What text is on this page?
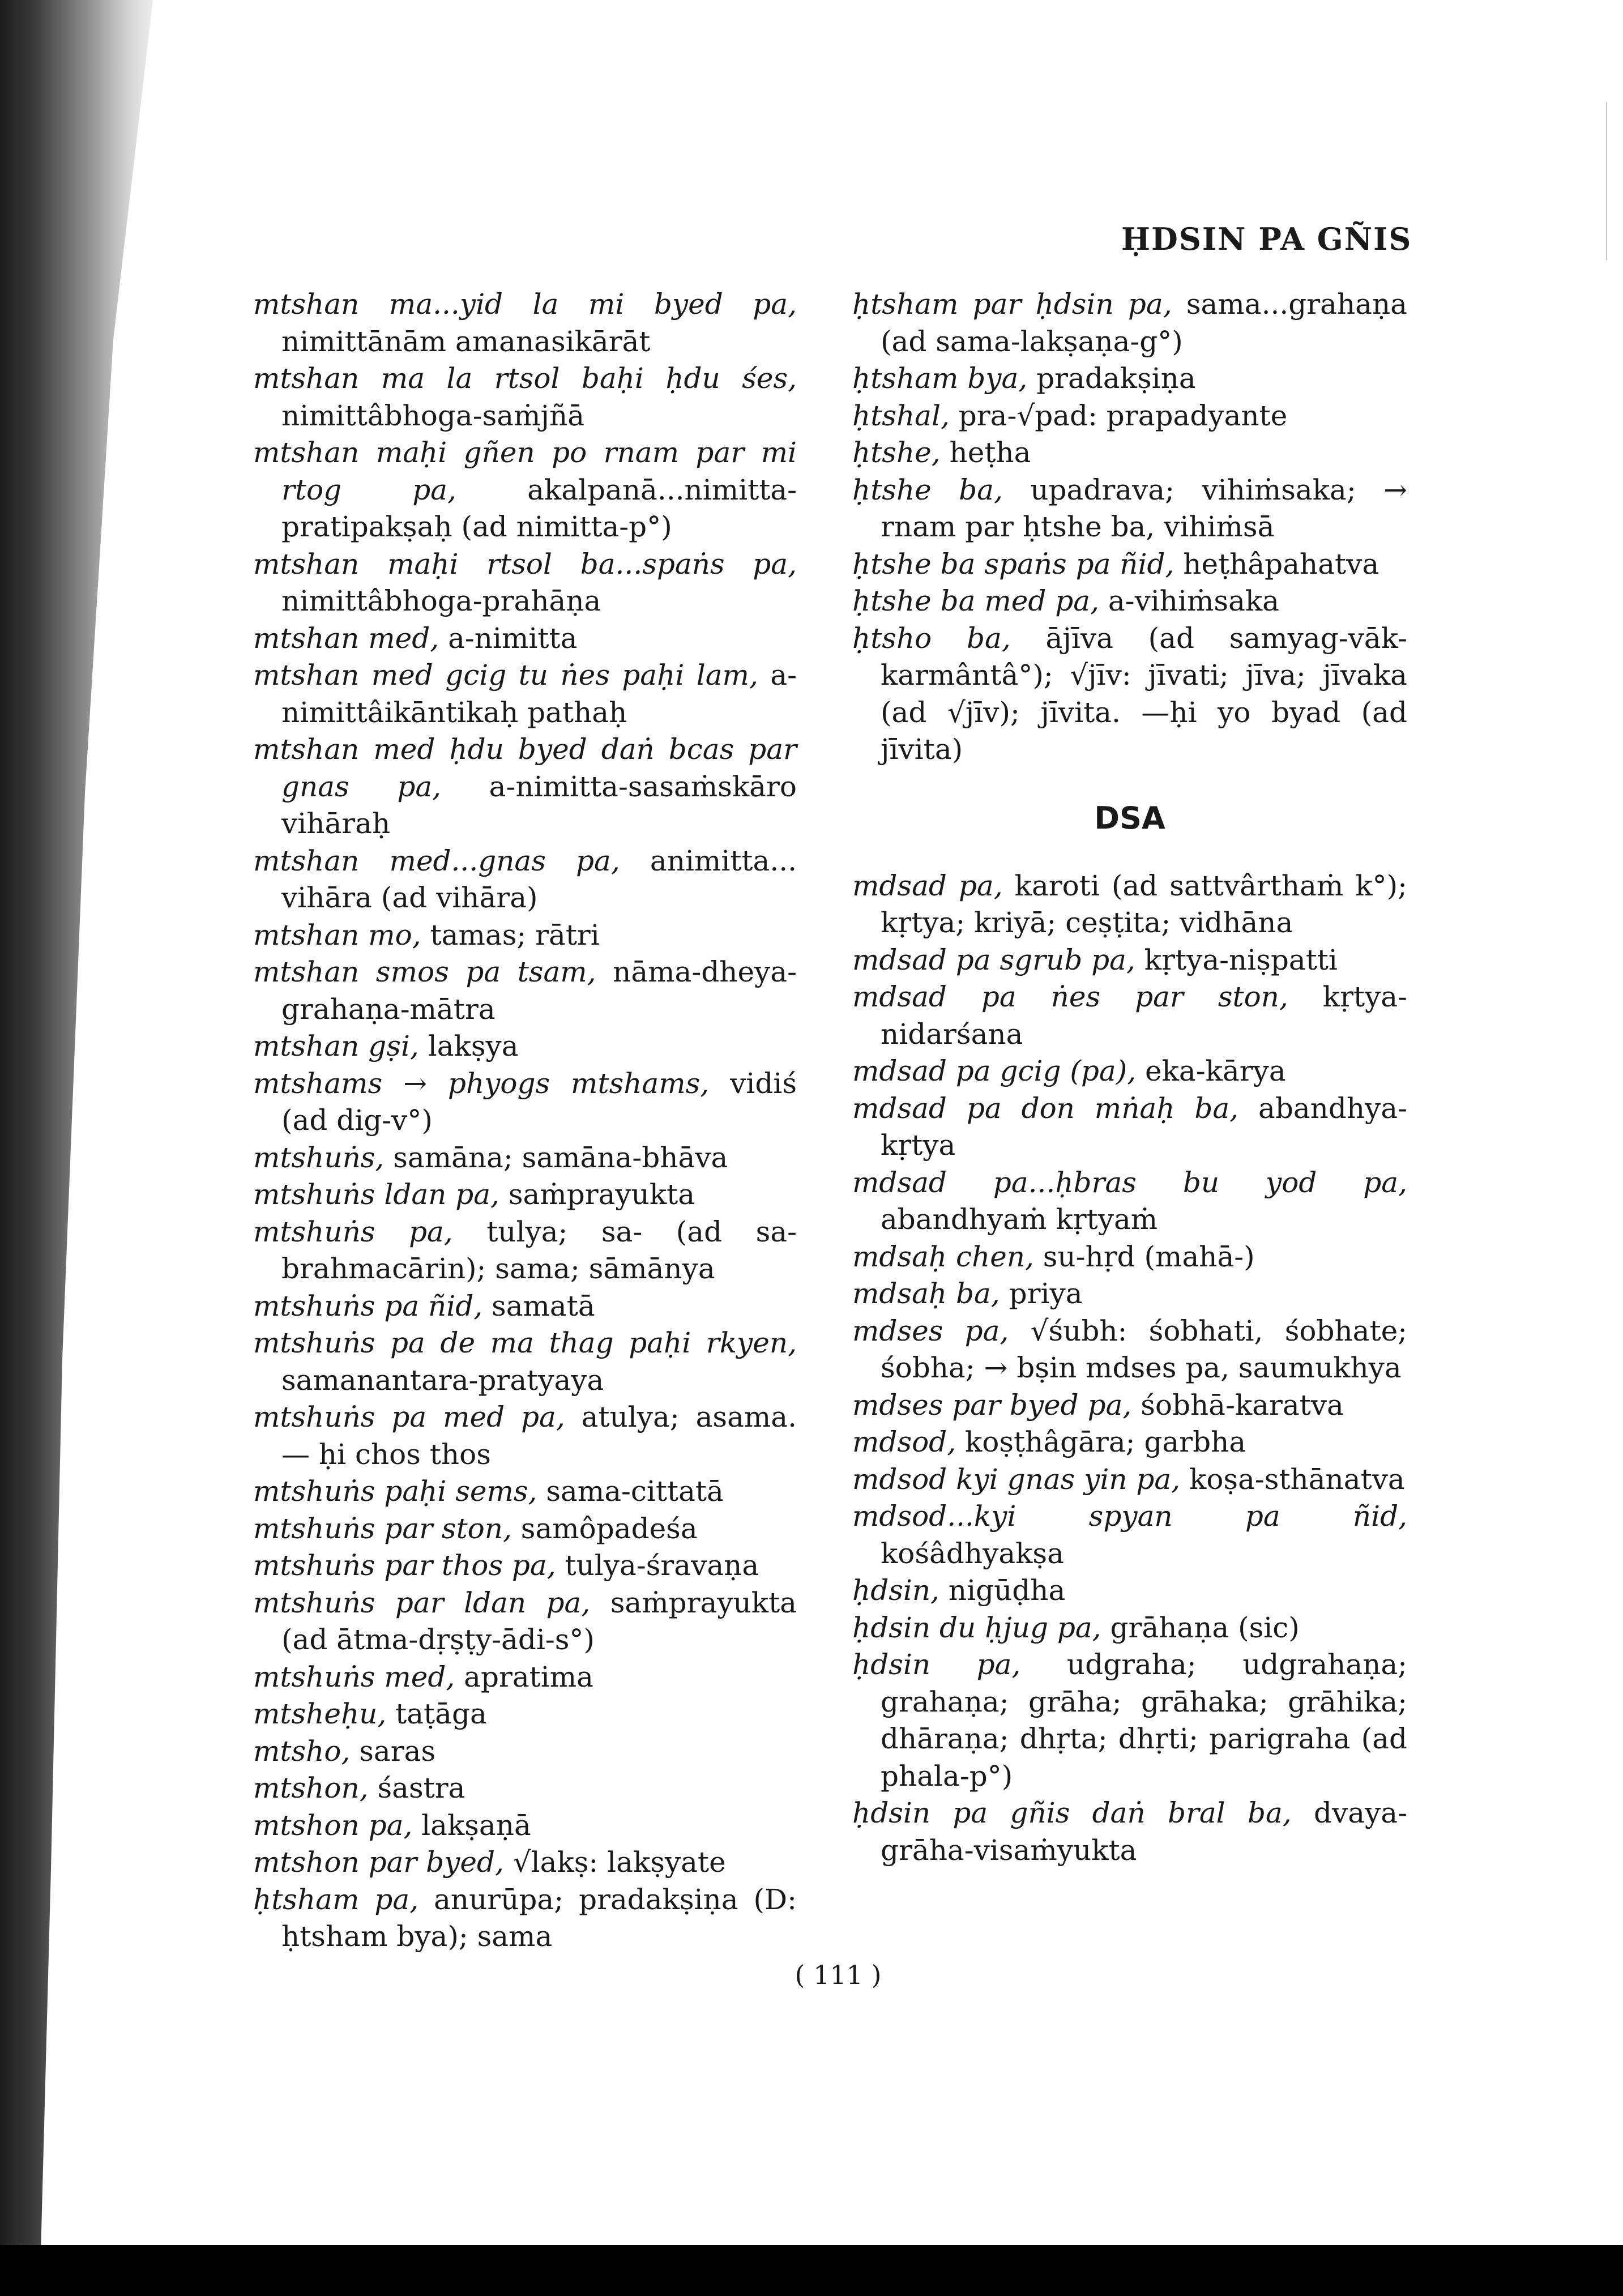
ḤDSIN PA GÑIS
mtshan ma...yid la mi byed pa, nimittānām amanasikārāt
mtshan ma la rtsol baḥi ḥdu śes, nimittâbhoga-saṁjñā
mtshan maḥi gñen po rnam par mi rtog pa, akalpanā...nimitta-pratipakṣaḥ (ad nimitta-p°)
mtshan maḥi rtsol ba...spaṅs pa, nimittâbhoga-prahāṇa
mtshan med, a-nimitta
mtshan med gcig tu ṅes paḥi lam, a-nimittâikāntikaḥ pathaḥ
mtshan med ḥdu byed daṅ bcas par gnas pa, a-nimitta-sasaṁskāro vihāraḥ
mtshan med...gnas pa, animitta... vihāra (ad vihāra)
mtshan mo, tamas; rātri
mtshan smos pa tsam, nāma-dheya-grahaṇa-mātra
mtshan gṣi, lakṣya
mtshams → phyogs mtshams, vidiś (ad dig-v°)
mtshuṅs, samāna; samāna-bhāva
mtshuṅs ldan pa, saṁprayukta
mtshuṅs pa, tulya; sa- (ad sa-brahmacārin); sama; sāmānya
mtshuṅs pa ñid, samatā
mtshuṅs pa de ma thag paḥi rkyen, samanantara-pratyaya
mtshuṅs pa med pa, atulya; asama. — ḥi chos thos
mtshuṅs paḥi sems, sama-cittatā
mtshuṅs par ston, samôpadeśa
mtshuṅs par thos pa, tulya-śravaṇa
mtshuṅs par ldan pa, saṁprayukta (ad ātma-dṛṣṭy-ādi-s°)
mtshuṅs med, apratima
mtsheḥu, taṭāga
mtsho, saras
mtshon, śastra
mtshon pa, lakṣaṇā
mtshon par byed, √lakṣ: lakṣyate
ḥtsham pa, anurūpa; pradakṣiṇa (D: ḥtsham bya); sama
ḥtsham par ḥdsin pa, sama...grahaṇa (ad sama-lakṣaṇa-g°)
ḥtsham bya, pradakṣiṇa
ḥtshal, pra-√pad: prapadyante
ḥtshe, heṭha
ḥtshe ba, upadrava; vihiṁsaka; → rnam par ḥtshe ba, vihiṁsā
ḥtshe ba spaṅs pa ñid, heṭhâpahatva
ḥtshe ba med pa, a-vihiṁsaka
ḥtsho ba, ājīva (ad samyag-vāk-karmântâ°); √jīv: jīvati; jīva; jīvaka (ad √jīv); jīvita. —ḥi yo byad (ad jīvita)
DSA
mdsad pa, karoti (ad sattvârthaṁ k°); kṛtya; kriyā; ceṣṭita; vidhāna
mdsad pa sgrub pa, kṛtya-niṣpatti
mdsad pa ṅes par ston, kṛtya-nidarśana
mdsad pa gcig (pa), eka-kārya
mdsad pa don mṅaḥ ba, abandhya-kṛtya
mdsad pa...ḥbras bu yod pa, abandhyaṁ kṛtyaṁ
mdsaḥ chen, su-hṛd (mahā-)
mdsaḥ ba, priya
mdses pa, √śubh: śobhati, śobhate; śobha; → bṣin mdses pa, saumukhya
mdses par byed pa, śobhā-karatva
mdsod, koṣṭhâgāra; garbha
mdsod kyi gnas yin pa, koṣa-sthānatva
mdsod...kyi spyan pa ñid, kośâdhyakṣa
ḥdsin, nigūḍha
ḥdsin du ḥjug pa, grāhaṇa (sic)
ḥdsin pa, udgraha; udgrahaṇa; grahaṇa; grāha; grāhaka; grāhika; dhāraṇa; dhṛta; dhṛti; parigraha (ad phala-p°)
ḥdsin pa gñis daṅ bral ba, dvaya-grāha-visaṁyukta
( 111 )
